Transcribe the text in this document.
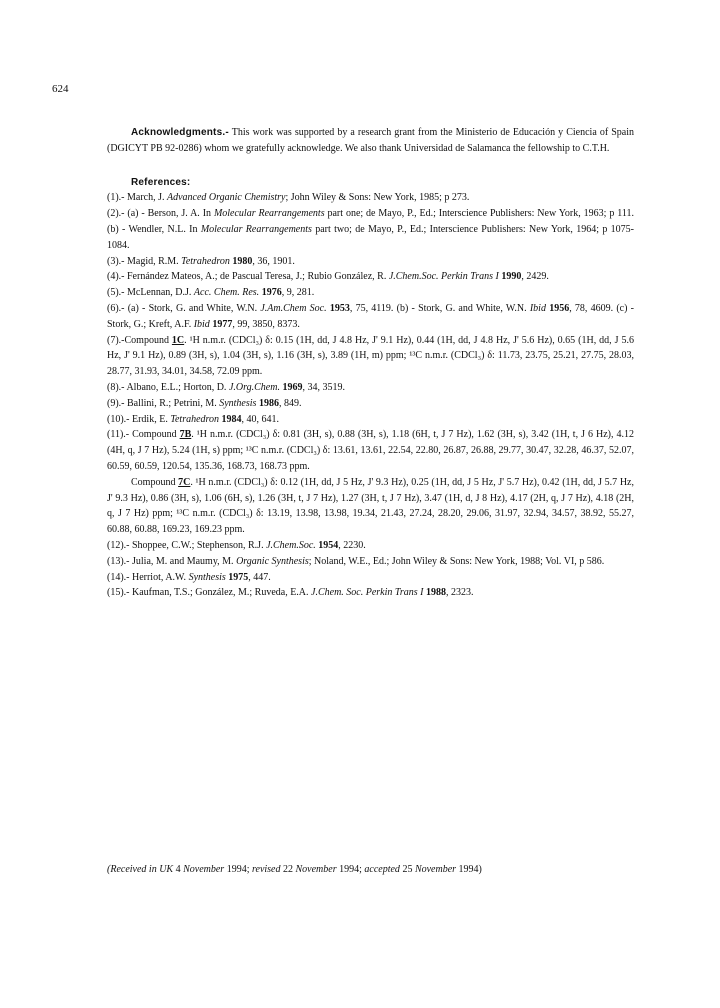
624

Acknowledgments.- This work was supported by a research grant from the Ministerio de Educación y Ciencia of Spain (DGICYT PB 92-0286) whom we gratefully acknowledge. We also thank Universidad de Salamanca the fellowship to C.T.H.

References:

(1).- March, J. Advanced Organic Chemistry; John Wiley & Sons: New York, 1985; p 273.

(2).- (a) - Berson, J. A. In Molecular Rearrangements part one; de Mayo, P., Ed.; Interscience Publishers: New York, 1963; p 111. (b) - Wendler, N.L. In Molecular Rearrangements part two; de Mayo, P., Ed.; Interscience Publishers: New York, 1964; p 1075-1084.

(3).- Magid, R.M. Tetrahedron 1980, 36, 1901.

(4).- Fernández Mateos, A.; de Pascual Teresa, J.; Rubio González, R. J.Chem.Soc. Perkin Trans I 1990, 2429.

(5).- McLennan, D.J. Acc. Chem. Res. 1976, 9, 281.

(6).- (a) - Stork, G. and White, W.N. J.Am.Chem Soc. 1953, 75, 4119. (b) - Stork, G. and White, W.N. Ibid 1956, 78, 4609. (c) - Stork, G.; Kreft, A.F. Ibid 1977, 99, 3850, 8373.

(7).-Compound 1C. ¹H n.m.r. (CDCl₃) δ: 0.15 (1H, dd, J 4.8 Hz, J' 9.1 Hz), 0.44 (1H, dd, J 4.8 Hz, J' 5.6 Hz), 0.65 (1H, dd, J 5.6 Hz, J' 9.1 Hz), 0.89 (3H, s), 1.04 (3H, s), 1.16 (3H, s), 3.89 (1H, m) ppm; ¹³C n.m.r. (CDCl₃) δ: 11.73, 23.75, 25.21, 27.75, 28.03, 28.77, 31.93, 34.01, 34.58, 72.09 ppm.

(8).- Albano, E.L.; Horton, D. J.Org.Chem. 1969, 34, 3519.

(9).- Ballini, R.; Petrini, M. Synthesis 1986, 849.

(10).- Erdik, E. Tetrahedron 1984, 40, 641.

(11).- Compound 7B. ¹H n.m.r. (CDCl₃) δ: 0.81 (3H, s), 0.88 (3H, s), 1.18 (6H, t, J 7 Hz), 1.62 (3H, s), 3.42 (1H, t, J 6 Hz), 4.12 (4H, q, J 7 Hz), 5.24 (1H, s) ppm; ¹³C n.m.r. (CDCl₃) δ: 13.61, 13.61, 22.54, 22.80, 26.87, 26.88, 29.77, 30.47, 32.28, 46.37, 52.07, 60.59, 60.59, 120.54, 135.36, 168.73, 168.73 ppm.

Compound 7C. ¹H n.m.r. (CDCl₃) δ: 0.12 (1H, dd, J 5 Hz, J' 9.3 Hz), 0.25 (1H, dd, J 5 Hz, J' 5.7 Hz), 0.42 (1H, dd, J 5.7 Hz, J' 9.3 Hz), 0.86 (3H, s), 1.06 (6H, s), 1.26 (3H, t, J 7 Hz), 1.27 (3H, t, J 7 Hz), 3.47 (1H, d, J 8 Hz), 4.17 (2H, q, J 7 Hz), 4.18 (2H, q, J 7 Hz) ppm; ¹³C n.m.r. (CDCl₃) δ: 13.19, 13.98, 13.98, 19.34, 21.43, 27.24, 28.20, 29.06, 31.97, 32.94, 34.57, 38.92, 55.27, 60.88, 60.88, 169.23, 169.23 ppm.

(12).- Shoppee, C.W.; Stephenson, R.J. J.Chem.Soc. 1954, 2230.

(13).- Julia, M. and Maumy, M. Organic Synthesis; Noland, W.E., Ed.; John Wiley & Sons: New York, 1988; Vol. VI, p 586.

(14).- Herriot, A.W. Synthesis 1975, 447.

(15).- Kaufman, T.S.; González, M.; Ruveda, E.A. J.Chem. Soc. Perkin Trans I 1988, 2323.

(Received in UK 4 November 1994; revised 22 November 1994; accepted 25 November 1994)
